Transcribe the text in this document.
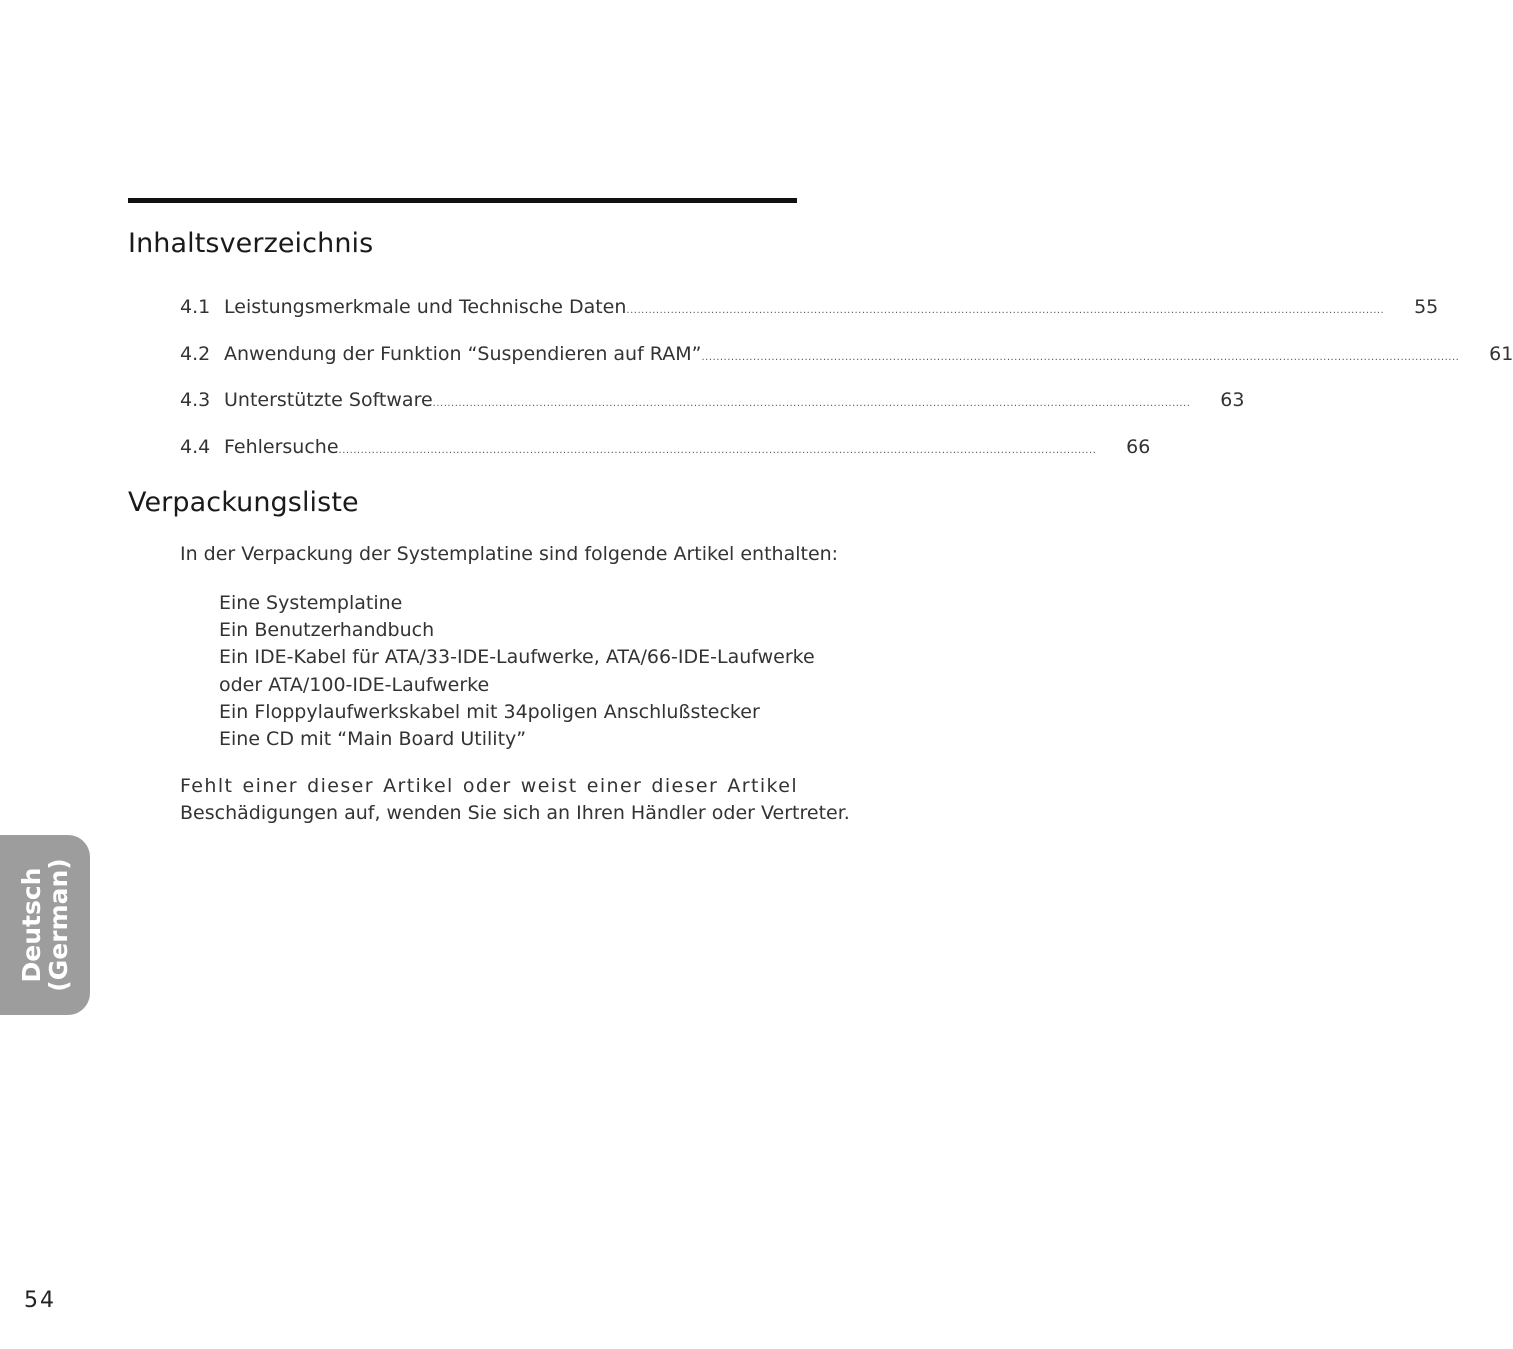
Inhaltsverzeichnis
4.1 Leistungsmerkmale und Technische Daten .............................................................................................................................................................................................................. 55
4.2 Anwendung der Funktion “Suspendieren auf RAM” .............................................................................................................................................................................................................. 61
4.3 Unterstützte Software .............................................................................................................................................................................................................. 63
4.4 Fehlersuche .............................................................................................................................................................................................................. 66
Verpackungsliste
In der Verpackung der Systemplatine sind folgende Artikel enthalten:
Eine Systemplatine
Ein Benutzerhandbuch
Ein IDE-Kabel für ATA/33-IDE-Laufwerke, ATA/66-IDE-Laufwerke
oder ATA/100-IDE-Laufwerke
Ein Floppylaufwerkskabel mit 34poligen Anschlußstecker
Eine CD mit “Main Board Utility”
Fehlt einer dieser Artikel oder weist einer dieser Artikel
Beschädigungen auf, wenden Sie sich an Ihren Händler oder Vertreter.
Deutsch
(German)
54
